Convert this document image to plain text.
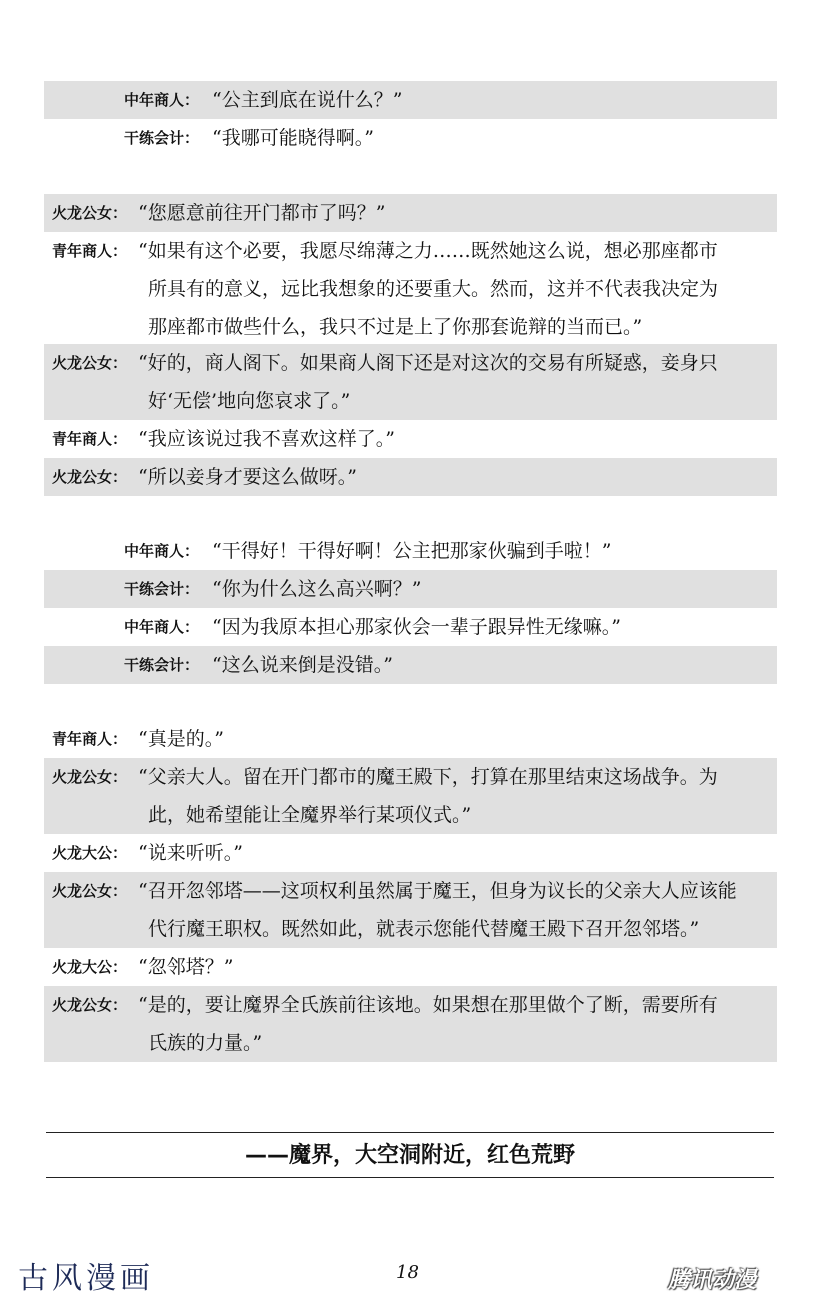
中年商人： “公主到底在说什么？”
干练会计： “我哪可能晓得啊。”
火龙公女： “您愿意前往开门都市了吗？”
青年商人： “如果有这个必要，我愿尽绵薄之力……既然她这么说，想必那座都市
所具有的意义，远比我想象的还要重大。然而，这并不代表我决定为
那座都市做些什么，我只不过是上了你那套诡辩的当而已。”
火龙公女： “好的，商人阁下。如果商人阁下还是对这次的交易有所疑惑，妾身只
好‘无偿’地向您哀求了。”
青年商人： “我应该说过我不喜欢这样了。”
火龙公女： “所以妾身才要这么做呀。”
中年商人： “干得好！干得好啊！公主把那家伙骗到手啦！”
干练会计： “你为什么这么高兴啊？”
中年商人： “因为我原本担心那家伙会一辈子跟异性无缘嘛。”
干练会计： “这么说来倒是没错。”
青年商人： “真是的。”
火龙公女： “父亲大人。留在开门都市的魔王殿下，打算在那里结束这场战争。为
此，她希望能让全魔界举行某项仪式。”
火龙大公： “说来听听。”
火龙公女： “召开忽邻塔——这项权利虽然属于魔王，但身为议长的父亲大人应该能
代行魔王职权。既然如此，就表示您能代替魔王殿下召开忽邻塔。”
火龙大公： “忽邻塔？”
火龙公女： “是的，要让魔界全氏族前往该地。如果想在那里做个了断，需要所有
氏族的力量。”
——魔界，大空洞附近，红色荒野
古风漫画	18	腾讯动漫
